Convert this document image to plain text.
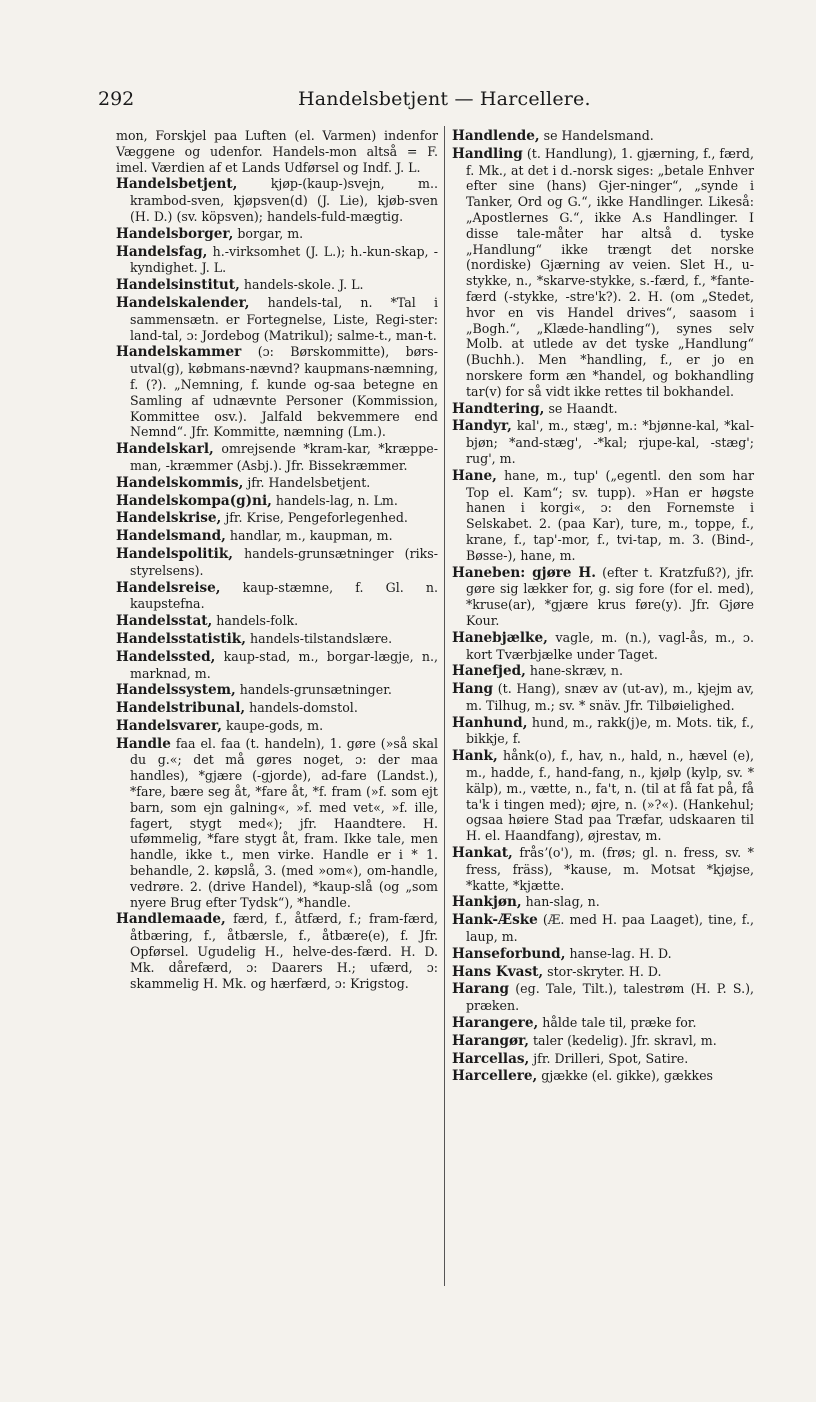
292	Handelsbetjent — Harcellere.

mon, Forskjel paa Luften (el. Varmen) indenfor Væggene og udenfor. Handels-mon altså = F. imel. Værdien af et Lands Udførsel og Indf. J. L.

Handelsbetjent,	kjøp-(kaup-)svejn, m.. krambod-sven, kjøpsven(d) (J. Lie), kjøb-sven (H. D.) (sv. köpsven); handels-fuld-mægtig.

Handelsborger, borgar, m.

Handelsfag, h.-virksomhet (J. L.); h.-kun-skap, -kyndighet. J. L.

Handelsinstitut, handels-skole. J. L.

Handelskalender, handels-tal, n. *Tal i sammensætn. er Fortegnelse, Liste, Regi-ster: land-tal, ɔ: Jordebog (Matrikul); salme-t., man-t.

Handelskammer (ɔ: Børskommitte), børs-utval(g), købmans-nævnd? kaupmans-næmning, f. (?). „Nemning, f. kunde og-saa betegne en Samling af udnævnte Personer (Kommission, Kommittee osv.). Jalfald bekvemmere end Nemnd“. Jfr. Kommitte, næmning (Lm.).

Handelskarl, omrejsende *kram-kar, *kræppe-man, -kræmmer (Asbj.). Jfr. Bissekræmmer.

Handelskommis, jfr. Handelsbetjent.

Handelskompa(g)ni, handels-lag, n. Lm.

Handelskrise, jfr. Krise, Pengeforlegenhed.

Handelsmand, handlar, m., kaupman, m.

Handelspolitik, handels-grunsætninger (riks-styrelsens).

Handelsreise, kaup-stæmne, f. Gl. n. kaupstefna.

Handelsstat, handels-folk.

Handelsstatistik, handels-tilstandslære.

Handelssted, kaup-stad, m., borgar-lægje, n., marknad, m.

Handelssystem, handels-grunsætninger.

Handelstribunal, handels-domstol.

Handelsvarer, kaupe-gods, m.

Handle faa el. faa (t. handeln), 1. gøre (»så skal du g.«; det må gøres noget, ɔ: der maa handles), *gjære (-gjorde), ad-fare (Landst.), *fare, bære seg åt, *fare åt, *f. fram (»f. som ejt barn, som ejn galning«, »f. med vet«, »f. ille, fagert, stygt med«); jfr. Haandtere. H. ufømmelig, *fare stygt åt, fram. Ikke tale, men handle, ikke t., men virke. Handle er i * 1. behandle, 2. køpslå, 3. (med »om«), om-handle, vedrøre. 2. (drive Handel), *kaup-slå (og „som nyere Brug efter Tydsk“), *handle.

Handlemaade, færd, f., åtfærd, f.; fram-færd, åtbæring, f., åtbærsle, f., åtbære(e), f. Jfr. Opførsel. Ugudelig H., helve-des-færd. H. D. Mk. dårefærd, ɔ: Daarers H.; ufærd, ɔ: skammelig H. Mk. og hærfærd, ɔ: Krigstog.

Handlende, se Handelsmand.

Handling (t. Handlung), 1. gjærning, f., færd, f. Mk., at det i d.-norsk siges: „betale Enhver efter sine (hans) Gjer-ninger“, „synde i Tanker, Ord og G.“, ikke Handlinger. Likeså: „Apostlernes G.“, ikke A.s Handlinger. I disse tale-måter har altså d. tyske „Handlung“ ikke trængt det norske (nordiske) Gjærning av veien. Slet H., u-stykke, n., *skarve-stykke, s.-færd, f., *fante-færd (-stykke, -stre'k?). 2. H. (om „Stedet, hvor en vis Handel drives“, saasom i „Bogh.“, „Klæde-handling“), synes selv Molb. at utlede av det tyske „Handlung“ (Buchh.). Men *handling, f., er jo en norskere form æn *handel, og bokhandling tar(v) for så vidt ikke rettes til bokhandel.

Handtering, se Haandt.

Handyr, kal', m., stæg', m.: *bjønne-kal, *kal-bjøn; *and-stæg', -*kal; rjupe-kal, -stæg'; rug', m.

Hane, hane, m., tup' („egentl. den som har Top el. Kam“; sv. tupp). »Han er høgste hanen i korgi«, ɔ: den Fornemste i Selskabet. 2. (paa Kar), ture, m., toppe, f., krane, f., tap'-mor, f., tvi-tap, m. 3. (Bind-, Bøsse-), hane, m.

Haneben: gjøre H. (efter t. Kratzfuß?), jfr. gøre sig lækker for, g. sig fore (for el. med), *kruse(ar), *gjære krus føre(y). Jfr. Gjøre Kour.

Hanebjælke, vagle, m. (n.), vagl-ås, m., ɔ. kort Tværbjælke under Taget.

Hanefjed, hane-skræv, n.

Hang (t. Hang), snæv av (ut-av), m., kjejm av, m. Tilhug, m.; sv. * snäv. Jfr. Tilbøielighed.

Hanhund, hund, m., rakk(j)e, m. Mots. tik, f., bikkje, f.

Hank, hånk(o), f., hav, n., hald, n., hævel (e), m., hadde, f., hand-fang, n., kjølp (kylp, sv. * kälp), m., vætte, n., fa't, n. (til at få fat på, få ta'k i tingen med); øjre, n. (»?«). (Hankehul; ogsaa høiere Stad paa Træfar, udskaaren til H. el. Haandfang), øjrestav, m.

Hankat, fråsʼ(o'), m. (frøs; gl. n. fress, sv. * fress, fräss), *kause, m. Motsat *kjøjse, *katte, *kjætte.

Hankjøn, han-slag, n.

Hank-Æske (Æ. med H. paa Laaget), tine, f., laup, m.

Hanseforbund, hanse-lag. H. D.

Hans Kvast, stor-skryter. H. D.

Harang (eg. Tale, Tilt.), talestrøm (H. P. S.), præken.

Harangere, hålde tale til, præke for.

Harangør, taler (kedelig). Jfr. skravl, m.

Harcellas, jfr. Drilleri, Spot, Satire.

Harcellere, gjække (el. gikke), gækkes
